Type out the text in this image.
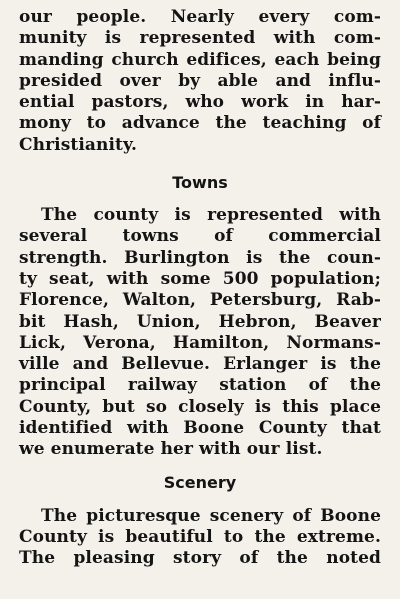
our people. Nearly every com-
munity is represented with com-
manding church edifices, each being
presided over by able and influ-
ential pastors, who work in har-
mony to advance the teaching of
Christianity.

Towns

The county is represented with
several towns of commercial
strength. Burlington is the coun-
ty seat, with some 500 population;
Florence, Walton, Petersburg, Rab-
bit Hash, Union, Hebron, Beaver
Lick, Verona, Hamilton, Normans-
ville and Bellevue. Erlanger is the
principal railway station of the
County, but so closely is this place
identified with Boone County that
we enumerate her with our list.

Scenery

The picturesque scenery of Boone
County is beautiful to the extreme.
The pleasing story of the noted
